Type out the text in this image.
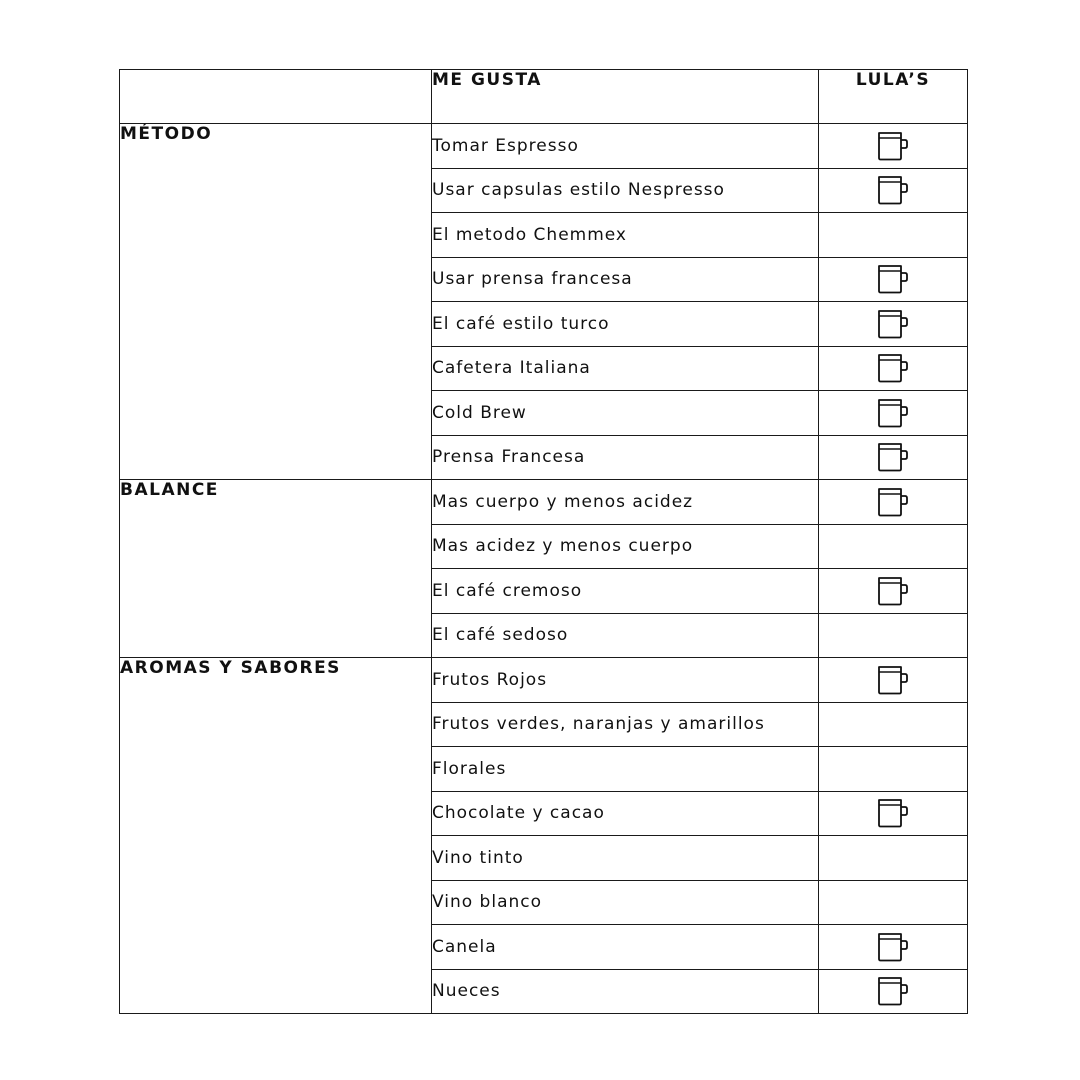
	ME GUSTA	LULA’S
MÉTODO	Tomar Espresso	

	Usar capsulas estilo Nespresso	

	El metodo Chemmex	
	Usar prensa francesa	

	El café estilo turco	

	Cafetera Italiana	

	Cold Brew	

	Prensa Francesa	

BALANCE	Mas cuerpo y menos acidez	

	Mas acidez y menos cuerpo	
	El café cremoso	

	El café sedoso	
AROMAS Y SABORES	Frutos Rojos	

	Frutos verdes, naranjas y amarillos	
	Florales	
	Chocolate y cacao	

	Vino tinto	
	Vino blanco	
	Canela	

	Nueces	
